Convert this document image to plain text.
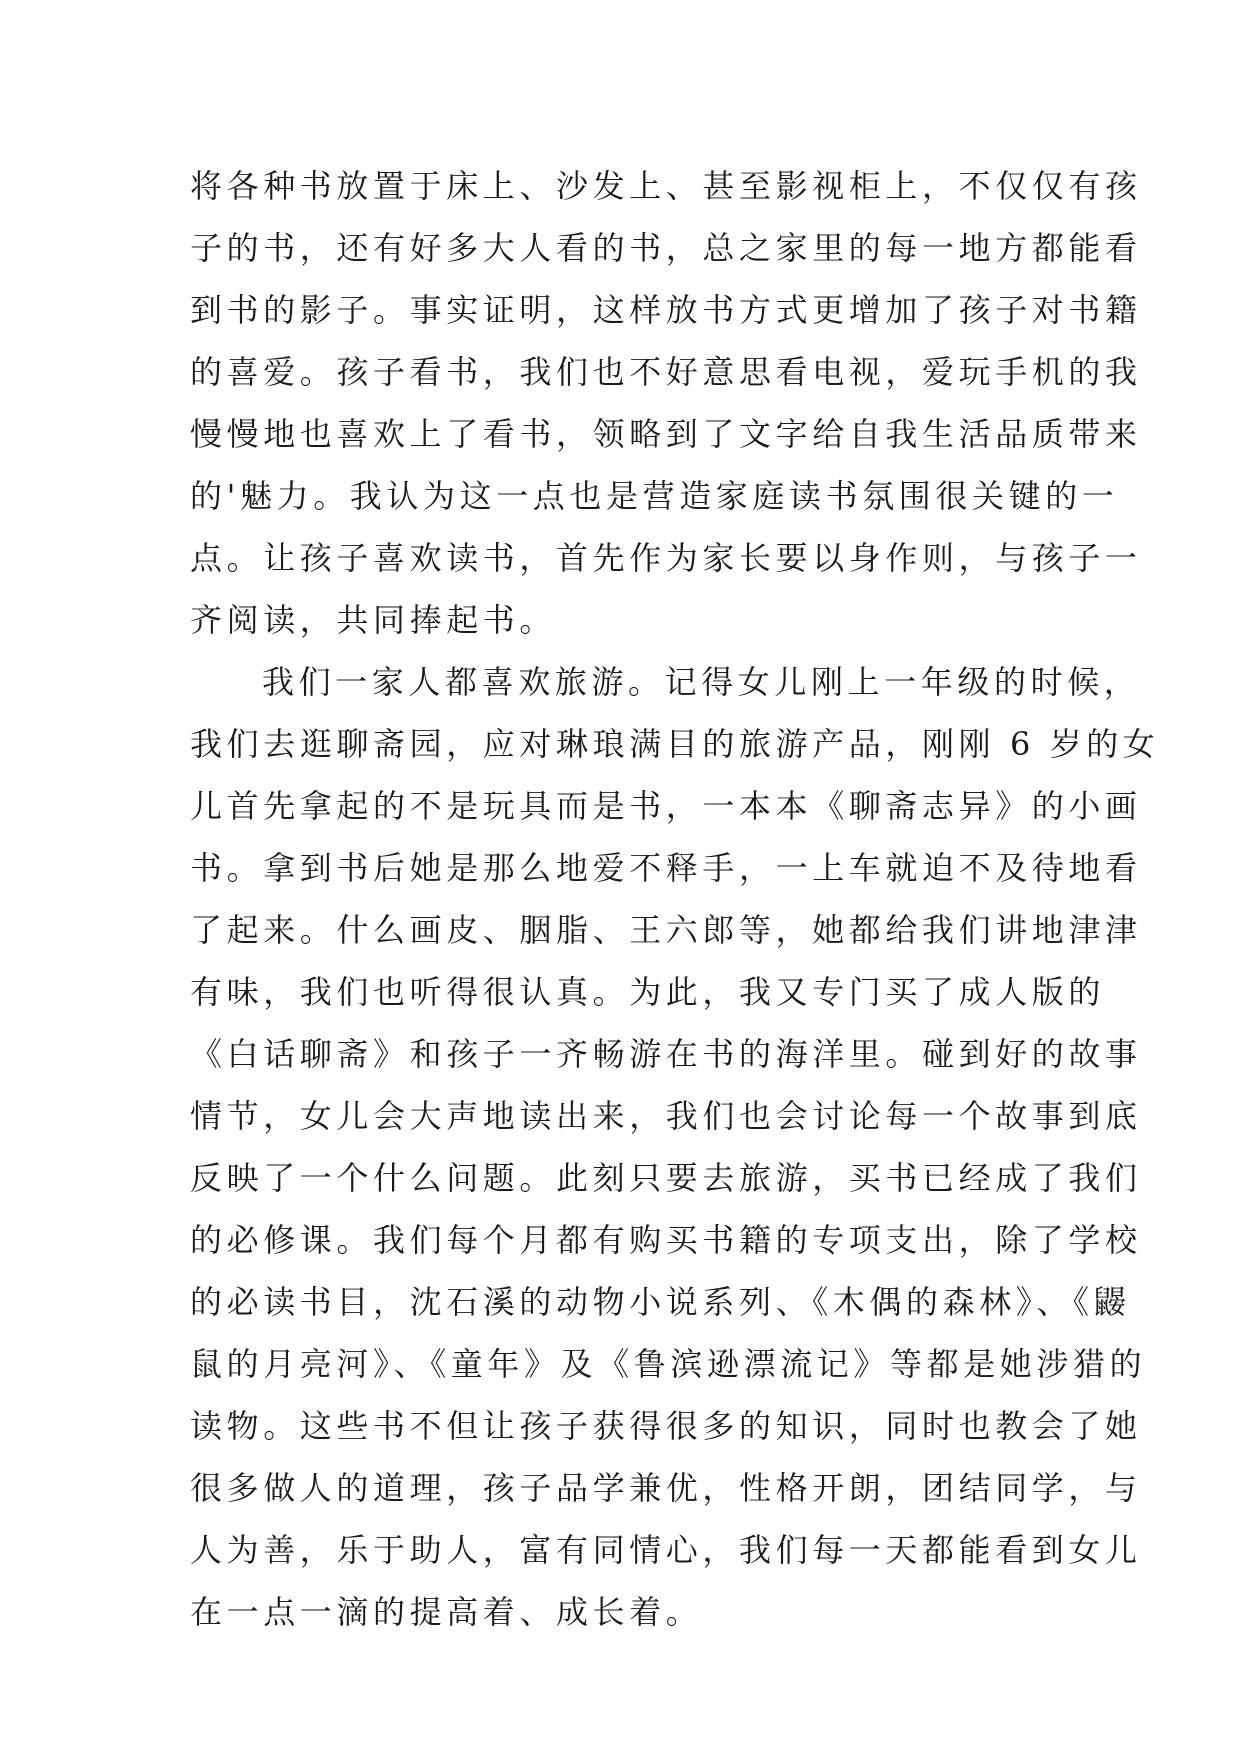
将各种书放置于床上、沙发上、甚至影视柜上，不仅仅有孩
子的书，还有好多大人看的书，总之家里的每一地方都能看
到书的影子。事实证明，这样放书方式更增加了孩子对书籍
的喜爱。孩子看书，我们也不好意思看电视，爱玩手机的我
慢慢地也喜欢上了看书，领略到了文字给自我生活品质带来
的'魅力。我认为这一点也是营造家庭读书氛围很关键的一
点。让孩子喜欢读书，首先作为家长要以身作则，与孩子一
齐阅读，共同捧起书。
我们一家人都喜欢旅游。记得女儿刚上一年级的时候，
我们去逛聊斋园，应对琳琅满目的旅游产品，刚刚 6 岁的女
儿首先拿起的不是玩具而是书，一本本《聊斋志异》的小画
书。拿到书后她是那么地爱不释手，一上车就迫不及待地看
了起来。什么画皮、胭脂、王六郎等，她都给我们讲地津津
有味，我们也听得很认真。为此，我又专门买了成人版的
《白话聊斋》和孩子一齐畅游在书的海洋里。碰到好的故事
情节，女儿会大声地读出来，我们也会讨论每一个故事到底
反映了一个什么问题。此刻只要去旅游，买书已经成了我们
的必修课。我们每个月都有购买书籍的专项支出，除了学校
的必读书目，沈石溪的动物小说系列、《木偶的森林》、《鼹
鼠的月亮河》、《童年》及《鲁滨逊漂流记》等都是她涉猎的
读物。这些书不但让孩子获得很多的知识，同时也教会了她
很多做人的道理，孩子品学兼优，性格开朗，团结同学，与
人为善，乐于助人，富有同情心，我们每一天都能看到女儿
在一点一滴的提高着、成长着。
